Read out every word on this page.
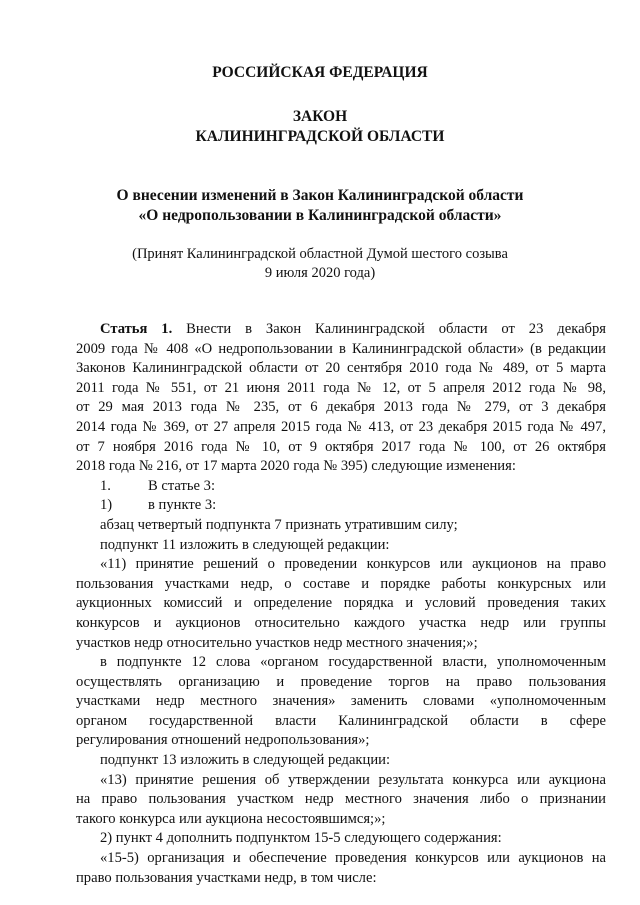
РОССИЙСКАЯ ФЕДЕРАЦИЯ
ЗАКОН
КАЛИНИНГРАДСКОЙ ОБЛАСТИ
О внесении изменений в Закон Калининградской области
«О недропользовании в Калининградской области»
(Принят Калининградской областной Думой шестого созыва
9 июля 2020 года)

Статья 1. Внести в Закон Калининградской области от 23 декабря

2009 года № 408 «О недропользовании в Калининградской области» (в редакции

Законов Калининградской области от 20 сентября 2010 года № 489, от 5 марта

2011 года № 551, от 21 июня 2011 года № 12, от 5 апреля 2012 года № 98,

от 29 мая 2013 года № 235, от 6 декабря 2013 года № 279, от 3 декабря

2014 года № 369, от 27 апреля 2015 года № 413, от 23 декабря 2015 года № 497,

от 7 ноября 2016 года № 10, от 9 октября 2017 года № 100, от 26 октября

2018 года № 216, от 17 марта 2020 года № 395) следующие изменения:

1.	В статье 3:

1) в пункте 3:

абзац четвертый подпункта 7 признать утратившим силу;

подпункт 11 изложить в следующей редакции:

«11) принятие решений о проведении конкурсов или аукционов на право

пользования участками недр, о составе и порядке работы конкурсных или

аукционных комиссий и определение порядка и условий проведения таких

конкурсов и аукционов относительно каждого участка недр или группы

участков недр относительно участков недр местного значения;»;

в подпункте 12 слова «органом государственной власти, уполномоченным

осуществлять организацию и проведение торгов на право пользования

участками недр местного значения» заменить словами «уполномоченным

органом государственной власти Калининградской области в сфере

регулирования отношений недропользования»;

подпункт 13 изложить в следующей редакции:

«13) принятие решения об утверждении результата конкурса или аукциона

на право пользования участком недр местного значения либо о признании

такого конкурса или аукциона несостоявшимся;»;

2) пункт 4 дополнить подпунктом 15-5 следующего содержания:

«15-5) организация и обеспечение проведения конкурсов или аукционов на

право пользования участками недр, в том числе:
